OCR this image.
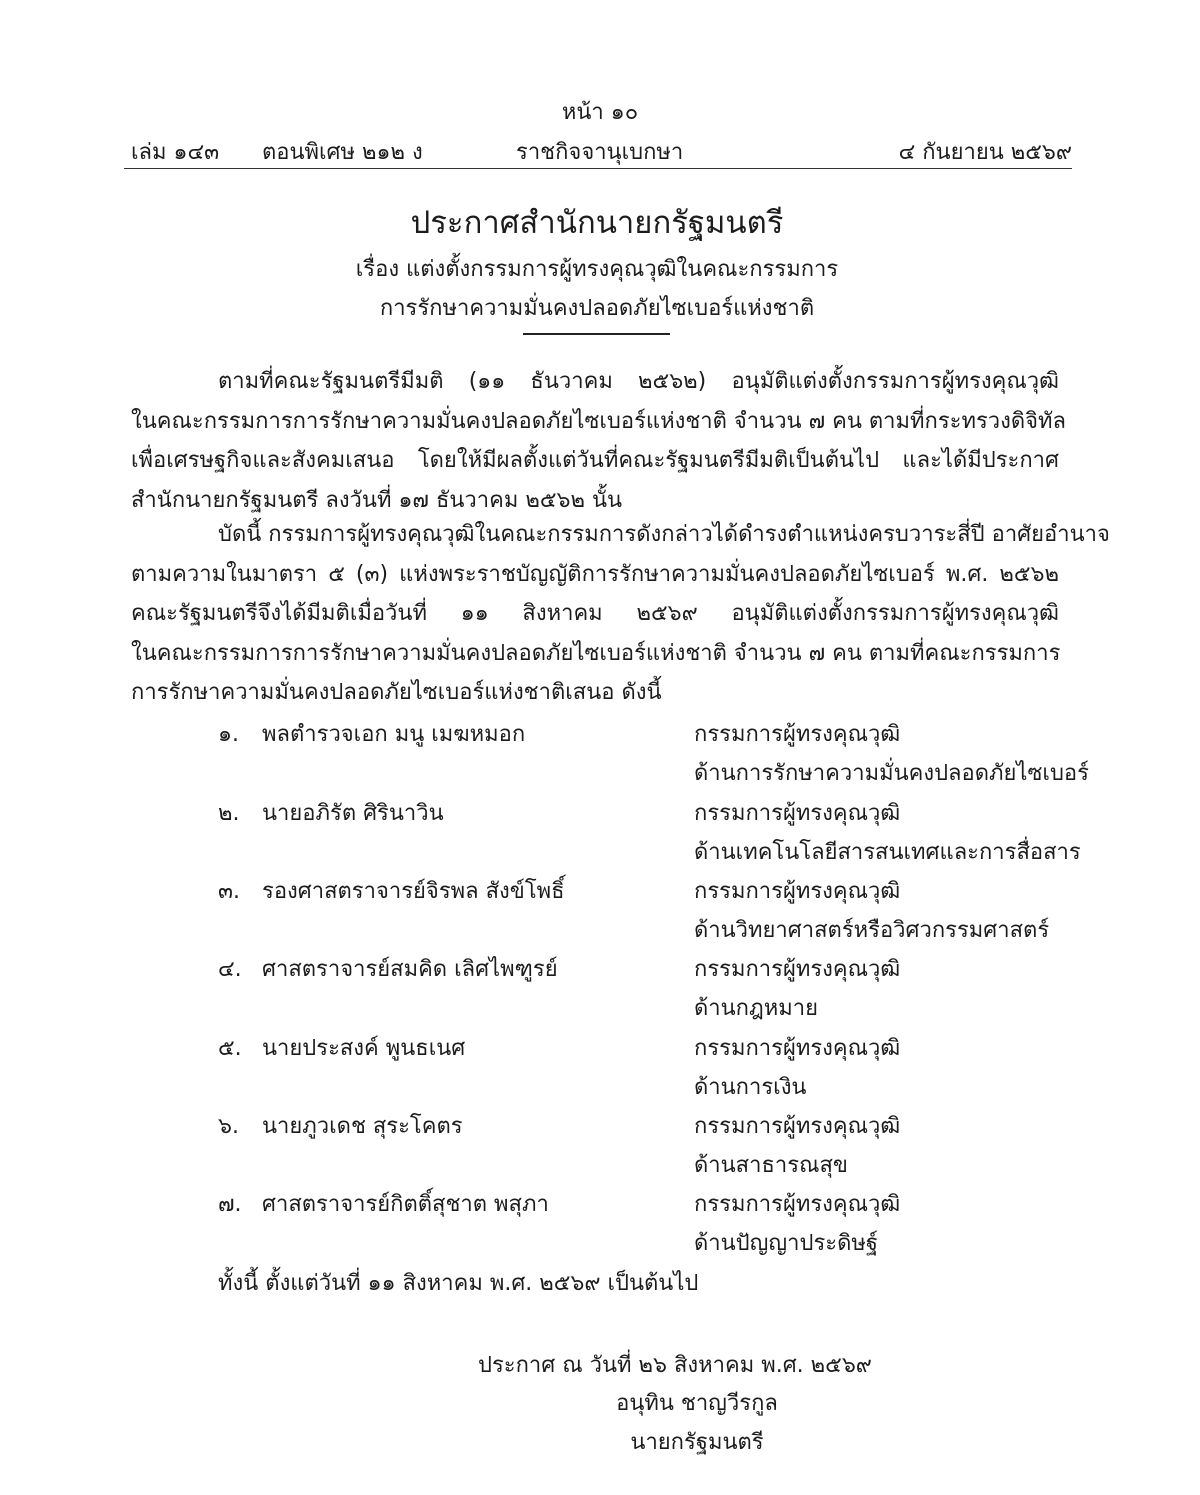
หน้า ๑๐
เล่ม ๑๔๓ ตอนพิเศษ ๒๑๒ ง	ราชกิจจานุเบกษา	๔ กันยายน ๒๕๖๙
ประกาศสำนักนายกรัฐมนตรี
เรื่อง แต่งตั้งกรรมการผู้ทรงคุณวุฒิในคณะกรรมการ
การรักษาความมั่นคงปลอดภัยไซเบอร์แห่งชาติ
ตามที่คณะรัฐมนตรีมีมติ (๑๑ ธันวาคม ๒๕๖๒) อนุมัติแต่งตั้งกรรมการผู้ทรงคุณวุฒิ
ในคณะกรรมการการรักษาความมั่นคงปลอดภัยไซเบอร์แห่งชาติ จำนวน ๗ คน ตามที่กระทรวงดิจิทัล
เพื่อเศรษฐกิจและสังคมเสนอ โดยให้มีผลตั้งแต่วันที่คณะรัฐมนตรีมีมติเป็นต้นไป และได้มีประกาศ
สำนักนายกรัฐมนตรี ลงวันที่ ๑๗ ธันวาคม ๒๕๖๒ นั้น
บัดนี้ กรรมการผู้ทรงคุณวุฒิในคณะกรรมการดังกล่าวได้ดำรงตำแหน่งครบวาระสี่ปี อาศัยอำนาจ
ตามความในมาตรา ๕ (๓) แห่งพระราชบัญญัติการรักษาความมั่นคงปลอดภัยไซเบอร์ พ.ศ. ๒๕๖๒
คณะรัฐมนตรีจึงได้มีมติเมื่อวันที่ ๑๑ สิงหาคม ๒๕๖๙ อนุมัติแต่งตั้งกรรมการผู้ทรงคุณวุฒิ
ในคณะกรรมการการรักษาความมั่นคงปลอดภัยไซเบอร์แห่งชาติ จำนวน ๗ คน ตามที่คณะกรรมการ
การรักษาความมั่นคงปลอดภัยไซเบอร์แห่งชาติเสนอ ดังนี้
๑. พลตำรวจเอก มนู เมฆหมอก	กรรมการผู้ทรงคุณวุฒิ
ด้านการรักษาความมั่นคงปลอดภัยไซเบอร์
๒. นายอภิรัต ศิรินาวิน	กรรมการผู้ทรงคุณวุฒิ
ด้านเทคโนโลยีสารสนเทศและการสื่อสาร
๓. รองศาสตราจารย์จิรพล สังข์โพธิ์	กรรมการผู้ทรงคุณวุฒิ
ด้านวิทยาศาสตร์หรือวิศวกรรมศาสตร์
๔. ศาสตราจารย์สมคิด เลิศไพฑูรย์	กรรมการผู้ทรงคุณวุฒิ
ด้านกฎหมาย
๕. นายประสงค์ พูนธเนศ	กรรมการผู้ทรงคุณวุฒิ
ด้านการเงิน
๖. นายภูวเดช สุระโคตร	กรรมการผู้ทรงคุณวุฒิ
ด้านสาธารณสุข
๗. ศาสตราจารย์กิตติ์สุชาต พสุภา	กรรมการผู้ทรงคุณวุฒิ
ด้านปัญญาประดิษฐ์
ทั้งนี้ ตั้งแต่วันที่ ๑๑ สิงหาคม พ.ศ. ๒๕๖๙ เป็นต้นไป
ประกาศ ณ วันที่ ๒๖ สิงหาคม พ.ศ. ๒๕๖๙
อนุทิน ชาญวีรกูล
นายกรัฐมนตรี
